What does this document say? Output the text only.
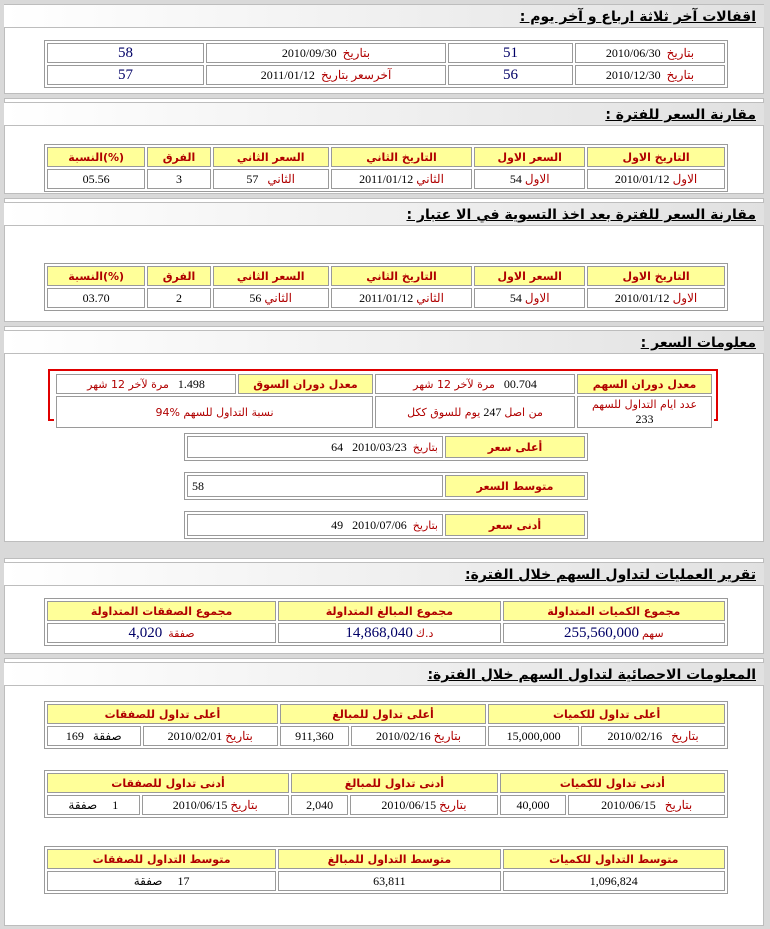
اقفالات آخر ثلاثة ارباع و آخر يوم :
بتاريخ  2010/06/30	51	بتاريخ  2010/09/30	58
بتاريخ  2010/12/30	56	آخرسعر بتاريخ  2011/01/12	57
مقارنة السعر للفترة :
التاريخ الاول	السعر الاول	التاريخ الثاني	السعر الثاني	الفرق	(%)النسبة
الاول 2010/01/12	الاول 54	الثاني 2011/01/12	الثاني   57	3	05.56
مقارنة السعر للفترة بعد اخذ التسوية في الا عتبار :
التاريخ الاول	السعر الاول	التاريخ الثاني	السعر الثاني	الفرق	(%)النسبة
الاول 2010/01/12	الاول 54	الثاني 2011/01/12	الثاني 56	2	03.70
معلومات السعر :
معدل دوران السهم	00.704   مرة لآخر 12 شهر	معدل دوران السوق	1.498   مرة لآخر 12 شهر
عدد ايام التداول للسهم 233	من اصل 247 يوم للسوق ككل	نسبة التداول للسهم %94	
أعلى سعر	بتاريخ  2010/03/23   64
متوسط السعر	58
أدنى سعر	بتاريخ  2010/07/06   49
تقرير العمليات لتداول السهم خلال الفترة:
مجموع الكميات المتداولة	مجموع المبالغ المتداولة	مجموع الصفقات المتداولة
سهم 255,560,000	د.ك 14,868,040	صفقة  4,020
المعلومات الاحصائية لتداول السهم خلال الفترة:
أعلى تداول للكميات		أعلى تداول للمبالغ		أعلى تداول للصفقات	
بتاريخ   2010/02/16	15,000,000	بتاريخ 2010/02/16	911,360	بتاريخ 2010/02/01	صفقة   169
أدنى تداول للكميات		أدنى تداول للمبالغ		أدنى تداول للصفقات	
بتاريخ   2010/06/15	40,000	بتاريخ 2010/06/15	2,040	بتاريخ 2010/06/15	1     صفقة
متوسط التداول للكميات	متوسط التداول للمبالغ	متوسط التداول للصفقات
1,096,824	63,811	17     صفقة
